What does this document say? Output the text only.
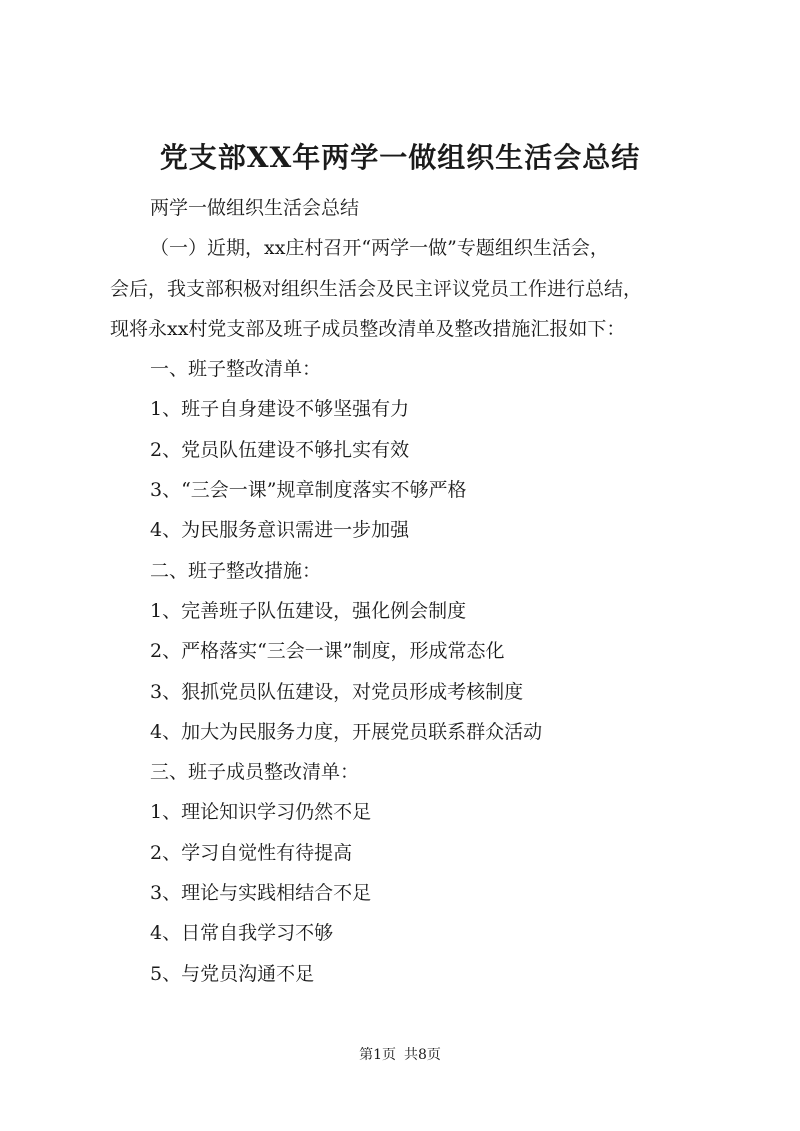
党支部XX年两学一做组织生活会总结
两学一做组织生活会总结
（一）近期，xx庄村召开“两学一做”专题组织生活会，
会后，我支部积极对组织生活会及民主评议党员工作进行总结，
现将永xx村党支部及班子成员整改清单及整改措施汇报如下：
一、班子整改清单：
1、班子自身建设不够坚强有力
2、党员队伍建设不够扎实有效
3、“三会一课”规章制度落实不够严格
4、为民服务意识需进一步加强
二、班子整改措施：
1、完善班子队伍建设，强化例会制度
2、严格落实“三会一课”制度，形成常态化
3、狠抓党员队伍建设，对党员形成考核制度
4、加大为民服务力度，开展党员联系群众活动
三、班子成员整改清单：
1、理论知识学习仍然不足
2、学习自觉性有待提高
3、理论与实践相结合不足
4、日常自我学习不够
5、与党员沟通不足
第1页 共8页
